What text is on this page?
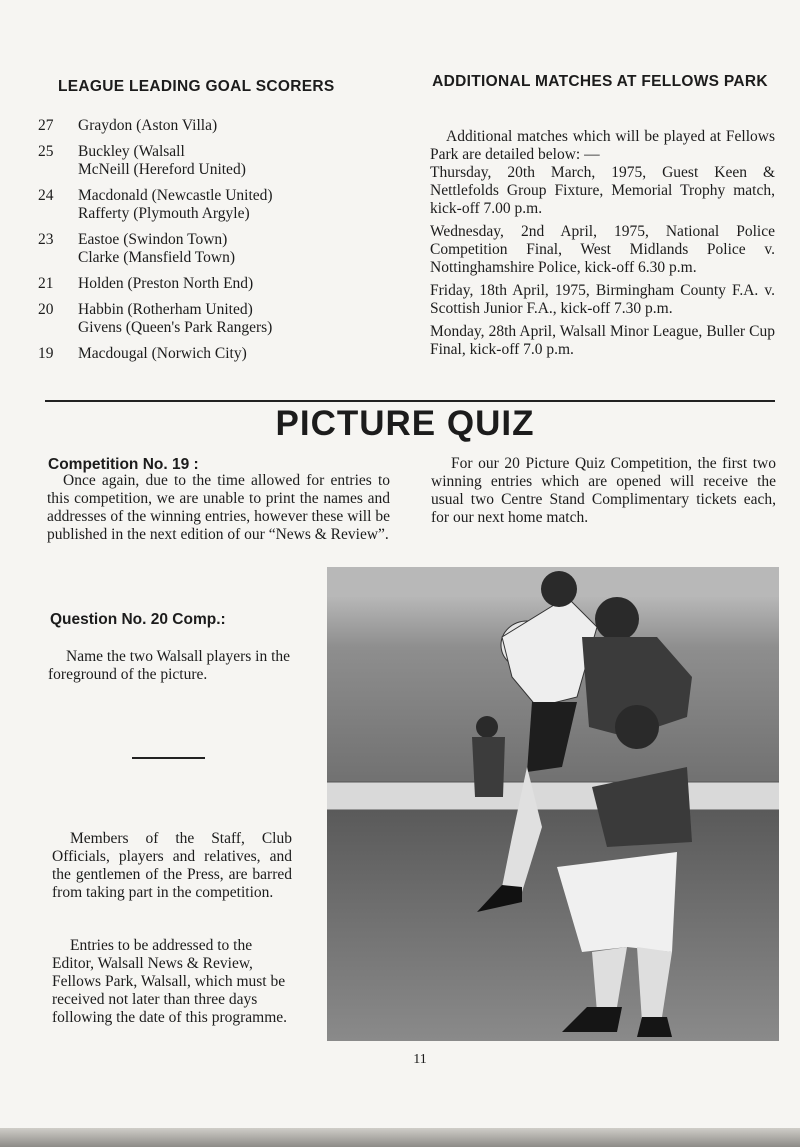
LEAGUE LEADING GOAL SCORERS	ADDITIONAL MATCHES AT FELLOWS PARK
27	Graydon (Aston Villa)
25	Buckley (Walsall
McNeill (Hereford United)
24	Macdonald (Newcastle United)
Rafferty (Plymouth Argyle)
23	Eastoe (Swindon Town)
Clarke (Mansfield Town)
21	Holden (Preston North End)
20	Habbin (Rotherham United)
Givens (Queen's Park Rangers)
19	Macdougal (Norwich City)

Additional matches which will be played at Fellows Park are detailed below: —

Thursday, 20th March, 1975, Guest Keen & Nettlefolds Group Fixture, Memorial Trophy match, kick-off 7.00 p.m.

Wednesday, 2nd April, 1975, National Police Competition Final, West Midlands Police v. Nottinghamshire Police, kick-off 6.30 p.m.

Friday, 18th April, 1975, Birmingham County F.A. v. Scottish Junior F.A., kick-off 7.30 p.m.

Monday, 28th April, Walsall Minor League, Buller Cup Final, kick-off 7.0 p.m.

PICTURE QUIZ
Competition No. 19 :

Once again, due to the time allowed for entries to this competition, we are unable to print the names and addresses of the winning entries, however these will be published in the next edition of our “News & Review”.

For our 20 Picture Quiz Competition, the first two winning entries which are opened will receive the usual two Centre Stand Complimentary tickets each, for our next home match.

Question No. 20 Comp.:

Name the two Walsall players in the foreground of the picture.

Members of the Staff, Club Officials, players and relatives, and the gentlemen of the Press, are barred from taking part in the competition.

Entries to be addressed to the Editor, Walsall News & Review, Fellows Park, Walsall, which must be received not later than three days following the date of this programme.

11
